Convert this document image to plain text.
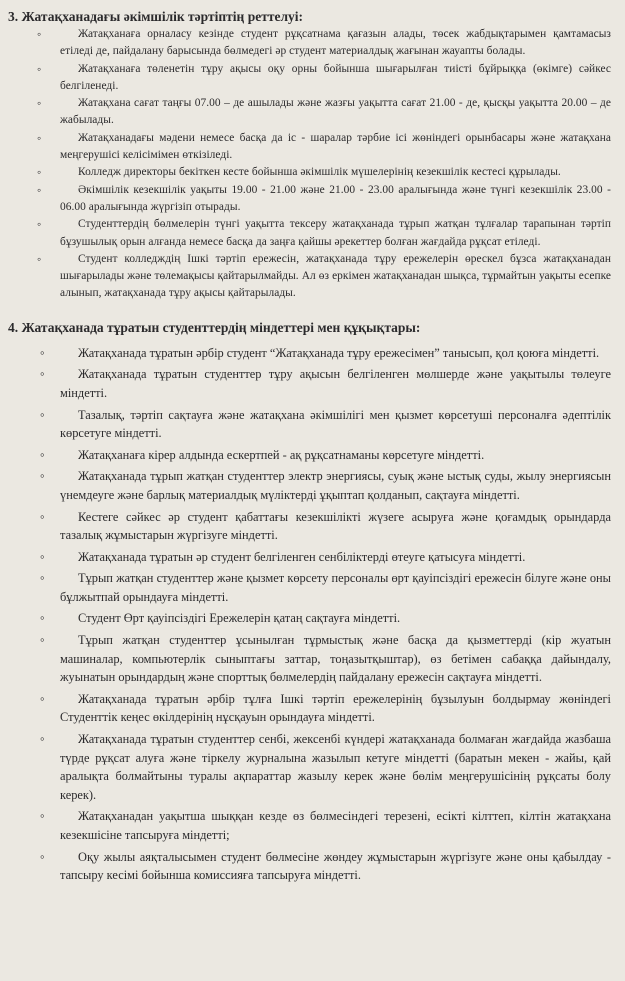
3. Жатақханадағы әкімшілік тәртіптің реттелуі:
◦ Жатақханаға орналасу кезінде студент рұқсатнама қағазын алады, төсек жабдықтарымен қамтамасыз етіледі де, пайдалану барысында бөлмедегі әр студент материалдық жағынан жауапты болады.
◦ Жатақханаға төленетін тұру ақысы оқу орны бойынша шығарылған тиісті бұйрыққа (өкімге) сәйкес белгіленеді.
◦ Жатақхана сағат таңғы 07.00 – де ашылады және жазғы уақытта сағат 21.00 - де, қысқы уақытта 20.00 – де жабылады.
◦ Жатақханадағы мәдени немесе басқа да іс - шаралар тәрбие ісі жөніндегі орынбасары және жатақхана меңгерушісі келісімімен өткізіледі.
◦ Колледж директоры бекіткен кесте бойынша әкімшілік мүшелерінің кезекшілік кестесі құрылады.
◦ Әкімшілік кезекшілік уақыты 19.00 - 21.00 және 21.00 - 23.00 аралығында және түнгі кезекшілік 23.00 - 06.00 аралығында жүргізіп отырады.
◦ Студенттердің бөлмелерін түнгі уақытта тексеру жатақханада тұрып жатқан тұлғалар тарапынан тәртіп бұзушылық орын алғанда немесе басқа да заңға қайшы әрекеттер болған жағдайда рұқсат етіледі.
◦ Студент колледждің Ішкі тәртіп ережесін, жатақханада тұру ережелерін өрескел бұзса жатақханадан шығарылады және төлемақысы қайтарылмайды. Ал өз еркімен жатақханадан шықса, тұрмайтын уақыты есепке алынып, жатақханада тұру ақысы қайтарылады.
4. Жатақханада тұратын студенттердің міндеттері мен құқықтары:
◦ Жатақханада тұратын әрбір студент “Жатақханада тұру ережесімен” танысып, қол қоюға міндетті.
◦ Жатақханада тұратын студенттер тұру ақысын белгіленген мөлшерде және уақытылы төлеуге міндетті.
◦ Тазалық, тәртіп сақтауға және жатақхана әкімшілігі мен қызмет көрсетуші персоналға әдептілік көрсетуге міндетті.
◦ Жатақханаға кірер алдында ескертпей - ақ рұқсатнаманы көрсетуге міндетті.
◦ Жатақханада тұрып жатқан студенттер электр энергиясы, суық және ыстық суды, жылу энергиясын үнемдеуге және барлық материалдық мүліктерді ұқыптап қолданып, сақтауға міндетті.
◦ Кестеге сәйкес әр студент қабаттағы кезекшілікті жүзеге асыруға және қоғамдық орындарда тазалық жұмыстарын жүргізуге міндетті.
◦ Жатақханада тұратын әр студент белгіленген сенбіліктерді өтеуге қатысуға міндетті.
◦ Тұрып жатқан студенттер және қызмет көрсету персоналы өрт қауіпсіздігі ережесін білуге және оны бұлжытпай орындауға міндетті.
◦ Студент Өрт қауіпсіздігі Ережелерін қатаң сақтауға міндетті.
◦ Тұрып жатқан студенттер ұсынылған тұрмыстық және басқа да қызметтерді (кір жуатын машиналар, компьютерлік сыныптағы заттар, тоңазытқыштар), өз бетімен сабаққа дайындалу, жуынатын орындардың және спорттық бөлмелердің пайдалану ережесін сақтауға міндетті.
◦ Жатақханада тұратын әрбір тұлға Ішкі тәртіп ережелерінің бұзылуын болдырмау жөніндегі Студенттік кеңес өкілдерінің нұсқауын орындауға міндетті.
◦ Жатақханада тұратын студенттер сенбі, жексенбі күндері жатақханада болмаған жағдайда жазбаша түрде рұқсат алуға және тіркелу журналына жазылып кетуге міндетті (баратын мекен - жайы, қай аралықта болмайтыны туралы ақпараттар жазылу керек және бөлім меңгерушісінің рұқсаты болу керек).
◦ Жатақханадан уақытша шыққан кезде өз бөлмесіндегі терезені, есікті кілттеп, кілтін жатақхана кезекшісіне тапсыруға міндетті;
◦ Оқу жылы аяқталысымен студент бөлмесіне жөндеу жұмыстарын жүргізуге және оны қабылдау - тапсыру кесімі бойынша комиссияға тапсыруға міндетті.
